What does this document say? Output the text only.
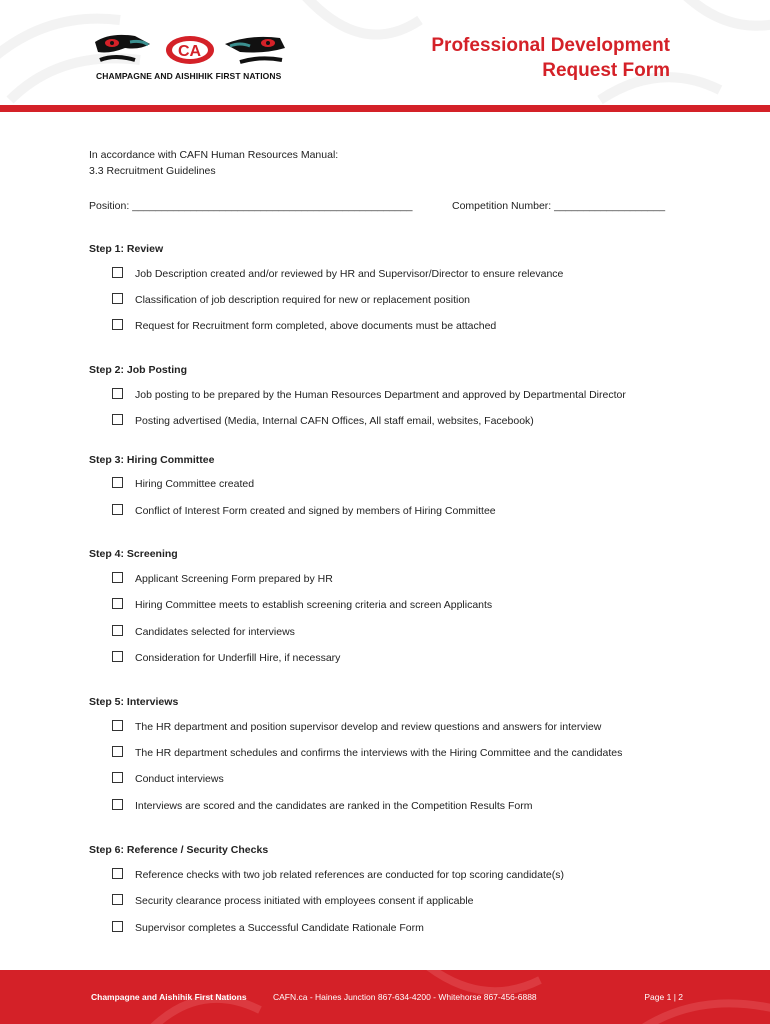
CA
CHAMPAGNE AND AISHIHIK FIRST NATIONS
Professional Development
Request Form
In accordance with CAFN Human Resources Manual:
3.3 Recruitment Guidelines
Position: ________________________________________________	Competition Number: ___________________
Step 1: Review
Job Description created and/or reviewed by HR and Supervisor/Director to ensure relevance
Classification of job description required for new or replacement position
Request for Recruitment form completed, above documents must be attached
Step 2: Job Posting
Job posting to be prepared by the Human Resources Department and approved by Departmental Director
Posting advertised (Media, Internal CAFN Offices, All staff email, websites, Facebook)
Step 3: Hiring Committee
Hiring Committee created
Conflict of Interest Form created and signed by members of Hiring Committee
Step 4: Screening
Applicant Screening Form prepared by HR
Hiring Committee meets to establish screening criteria and screen Applicants
Candidates selected for interviews
Consideration for Underfill Hire, if necessary
Step 5: Interviews
The HR department and position supervisor develop and review questions and answers for interview
The HR department schedules and confirms the interviews with the Hiring Committee and the candidates
Conduct interviews
Interviews are scored and the candidates are ranked in the Competition Results Form
Step 6: Reference / Security Checks
Reference checks with two job related references are conducted for top scoring candidate(s)
Security clearance process initiated with employees consent if applicable
Supervisor completes a Successful Candidate Rationale Form
Champagne and Aishihik First Nations	CAFN.ca - Haines Junction 867-634-4200 - Whitehorse 867-456-6888	Page 1 | 2
